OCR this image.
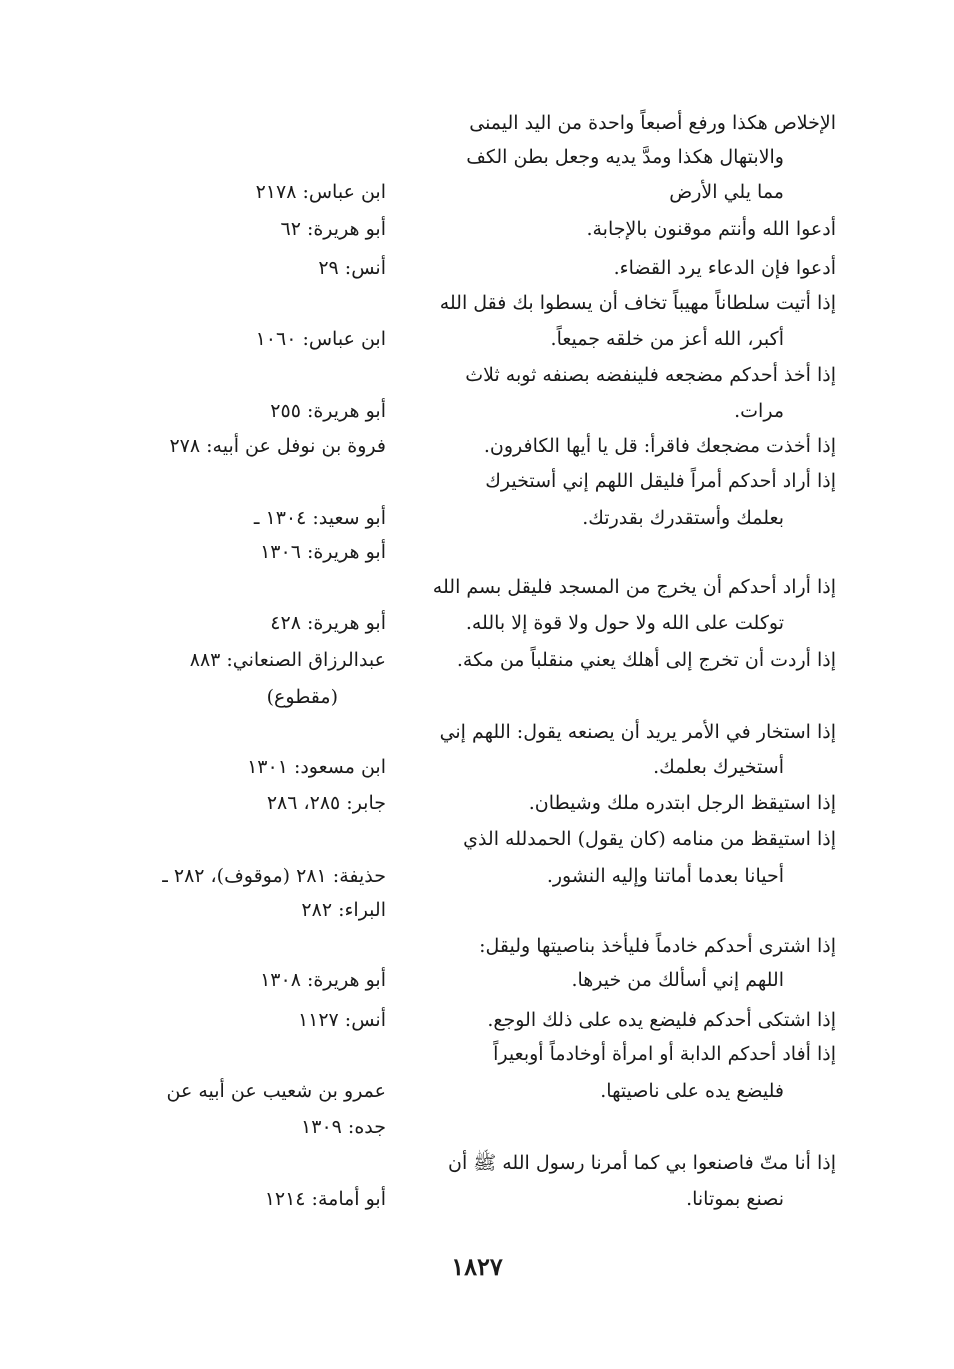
الإخلاص هكذا ورفع أصبعاً واحدة من اليد اليمنى

والابتهال هكذا ومدَّ يديه وجعل بطن الكف

مما يلي الأرض

أدعوا الله وأنتم موقنون بالإجابة.

أدعوا فإن الدعاء يرد القضاء.

إذا أتيت سلطاناً مهيباً تخاف أن يسطوا بك فقل الله

أكبر، الله أعز من خلقه جميعاً.

إذا أخذ أحدكم مضجعه فلينفضه بصنفه ثوبه ثلاث

مرات.

إذا أخذت مضجعك فاقرأ: قل يا أيها الكافرون.

إذا أراد أحدكم أمراً فليقل اللهم إني أستخيرك

بعلمك وأستقدرك بقدرتك.

إذا أراد أحدكم أن يخرج من المسجد فليقل بسم الله

توكلت على الله ولا حول ولا قوة إلا بالله.

إذا أردت أن تخرج إلى أهلك يعني منقلباً من مكة.

إذا استخار في الأمر يريد أن يصنعه يقول: اللهم إني

أستخيرك بعلمك.

إذا استيقظ الرجل ابتدره ملك وشيطان.

إذا استيقظ من منامه (كان يقول) الحمدلله الذي

أحيانا بعدما أماتنا وإليه النشور.

إذا اشترى أحدكم خادماً فليأخذ بناصيتها وليقل:

اللهم إني أسألك من خيرها.

إذا اشتكى أحدكم فليضع يده على ذلك الوجع.

إذا أفاد أحدكم الدابة أو امرأة أوخادماً أوبعيراً

فليضع يده على ناصيتها.

إذا أنا متّ فاصنعوا بي كما أمرنا رسول الله ﷺ أن

نصنع بموتانا.

ابن عباس: ٢١٧٨

أبو هريرة: ٦٢

أنس: ٢٩

ابن عباس: ١٠٦٠

أبو هريرة: ٢٥٥

فروة بن نوفل عن أبيه: ٢٧٨

أبو سعيد: ١٣٠٤ ـ

أبو هريرة: ١٣٠٦

أبو هريرة: ٤٢٨

عبدالرزاق الصنعاني: ٨٨٣

(مقطوع)

ابن مسعود: ١٣٠١

جابر: ٢٨٥، ٢٨٦

حذيفة: ٢٨١ (موقوف)، ٢٨٢ ـ

البراء: ٢٨٢

أبو هريرة: ١٣٠٨

أنس: ١١٢٧

عمرو بن شعيب عن أبيه عن

جده: ١٣٠٩

أبو أمامة: ١٢١٤

١٨٢٧
